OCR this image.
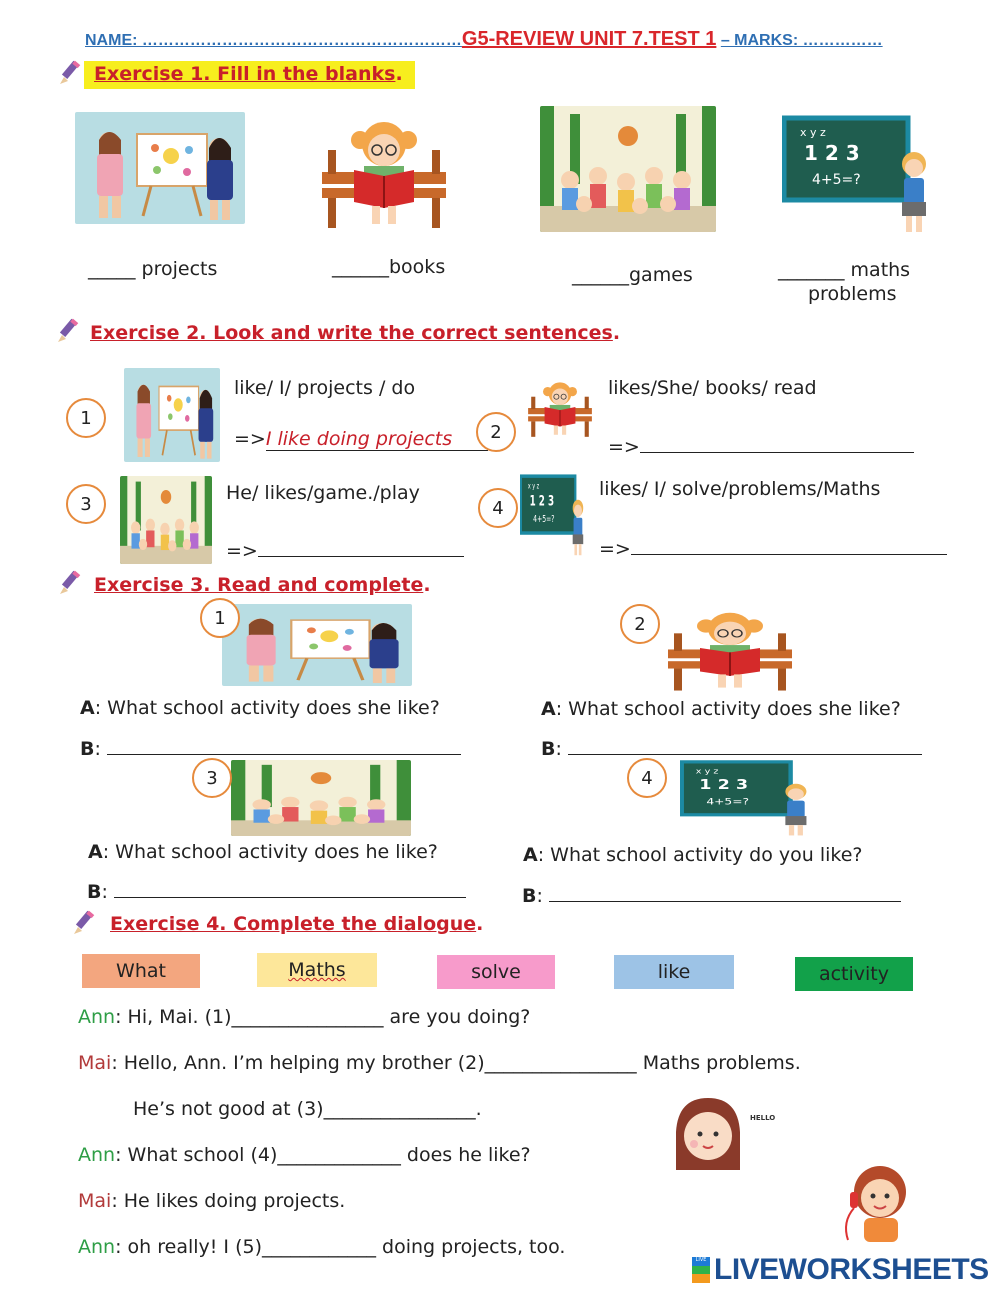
NAME: ……………………………………………………G5-REVIEW UNIT 7.TEST 1 – MARKS: ……………
Exercise 1. Fill in the blanks.
_____ projects	______books	______games	_______ maths
problems
Exercise 2. Look and write the correct sentences.
1
like/ I/ projects / do
=>I like doing projects	2
likes/She/ books/ read
=>
3	He/ likes/game./play
=>
4
likes/ I/ solve/problems/Maths
=>
Exercise 3. Read and complete.
1
A: What school activity does she like?
B:
2
A: What school activity does she like?
B:
3
A: What school activity does he like?
B:
4
A: What school activity do you like?
B:
Exercise 4. Complete the dialogue.
What	Maths	solve	like	activity
Ann: Hi, Mai. (1)________________ are you doing?
Mai: Hello, Ann. I’m helping my brother (2)________________ Maths problems.
He’s not good at (3)________________.
Ann: What school (4)_____________ does he like?
Mai: He likes doing projects.
Ann: oh really! I (5)____________ doing projects, too.
HELLO
LIVE LIVEWORKSHEETS
